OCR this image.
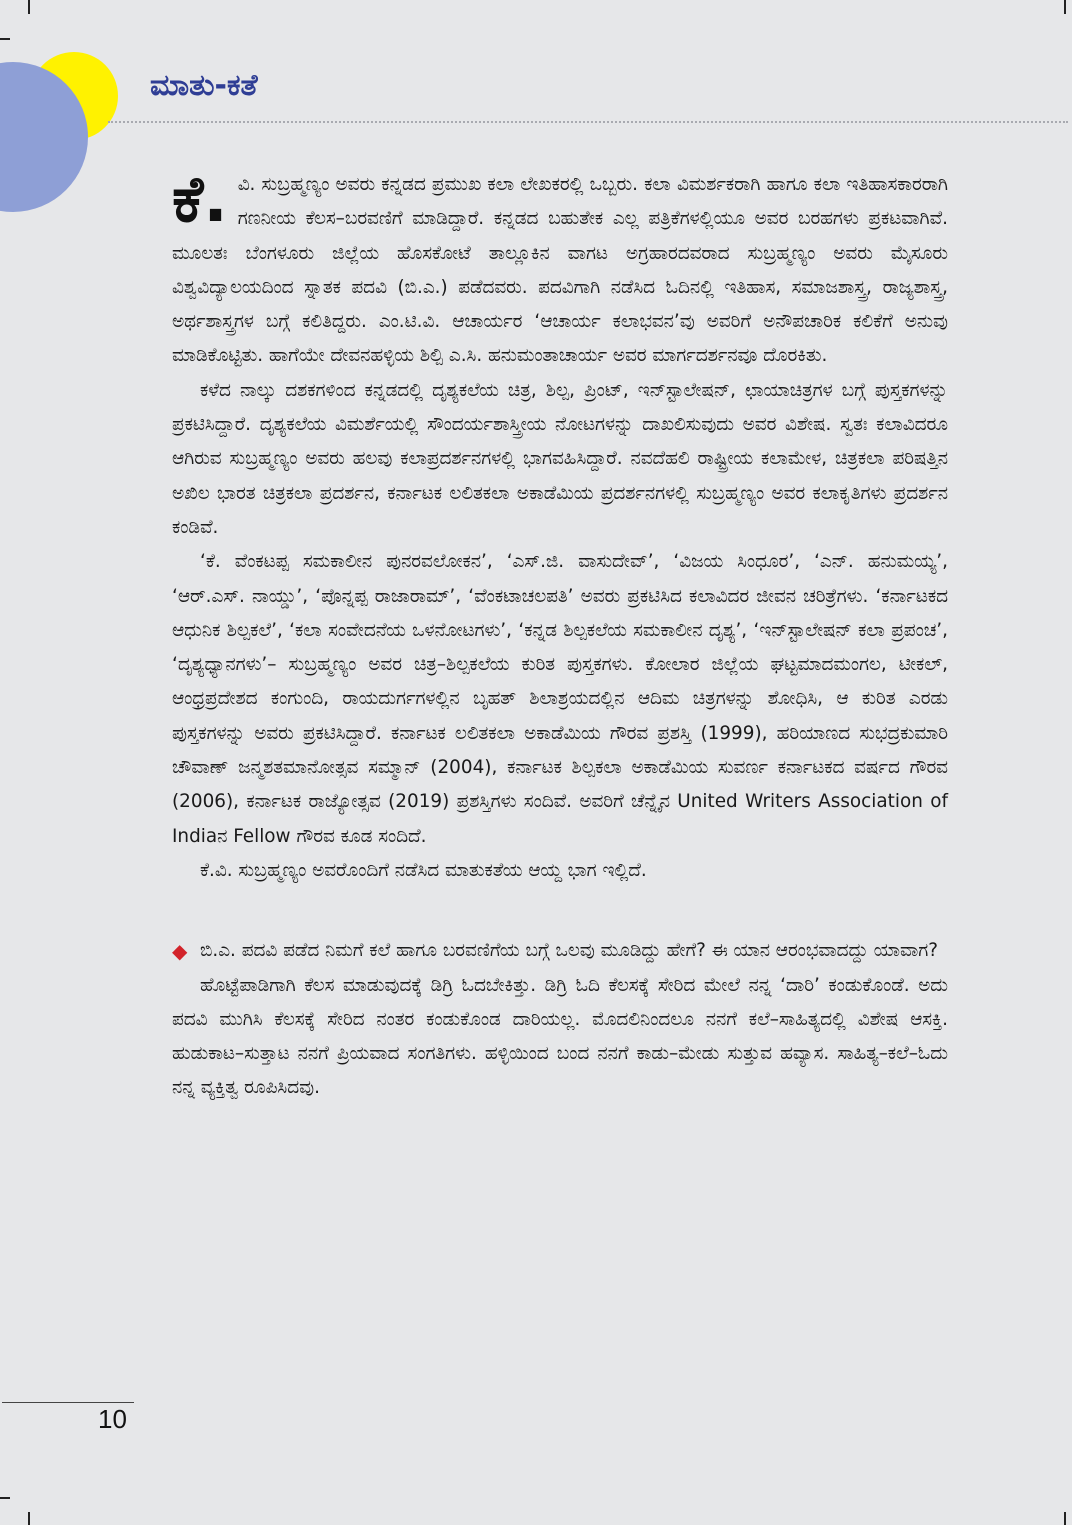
ಮಾತು-ಕತೆ

ಕೆ. ವಿ. ಸುಬ್ರಹ್ಮಣ್ಯಂ ಅವರು ಕನ್ನಡದ ಪ್ರಮುಖ ಕಲಾ ಲೇಖಕರಲ್ಲಿ ಒಬ್ಬರು. ಕಲಾ ವಿಮರ್ಶಕರಾಗಿ ಹಾಗೂ ಕಲಾ ಇತಿಹಾಸಕಾರರಾಗಿ ಗಣನೀಯ ಕೆಲಸ–ಬರವಣಿಗೆ ಮಾಡಿದ್ದಾರೆ. ಕನ್ನಡದ ಬಹುತೇಕ ಎಲ್ಲ ಪತ್ರಿಕೆಗಳಲ್ಲಿಯೂ ಅವರ ಬರಹಗಳು ಪ್ರಕಟವಾಗಿವೆ. ಮೂಲತಃ ಬೆಂಗಳೂರು ಜಿಲ್ಲೆಯ ಹೊಸಕೋಟೆ ತಾಲ್ಲೂಕಿನ ವಾಗಟ ಅಗ್ರಹಾರದವರಾದ ಸುಬ್ರಹ್ಮಣ್ಯಂ ಅವರು ಮೈಸೂರು ವಿಶ್ವವಿದ್ಯಾಲಯದಿಂದ ಸ್ನಾತಕ ಪದವಿ (ಬಿ.ಎ.) ಪಡೆದವರು. ಪದವಿಗಾಗಿ ನಡೆಸಿದ ಓದಿನಲ್ಲಿ ಇತಿಹಾಸ, ಸಮಾಜಶಾಸ್ತ್ರ, ರಾಜ್ಯಶಾಸ್ತ್ರ, ಅರ್ಥಶಾಸ್ತ್ರಗಳ ಬಗ್ಗೆ ಕಲಿತಿದ್ದರು. ಎಂ.ಟಿ.ವಿ. ಆಚಾರ್ಯರ ‘ಆಚಾರ್ಯ ಕಲಾಭವನ’ವು ಅವರಿಗೆ ಅನೌಪಚಾರಿಕ ಕಲಿಕೆಗೆ ಅನುವು ಮಾಡಿಕೊಟ್ಟಿತು. ಹಾಗೆಯೇ ದೇವನಹಳ್ಳಿಯ ಶಿಲ್ಪಿ ಎ.ಸಿ. ಹನುಮಂತಾಚಾರ್ಯ ಅವರ ಮಾರ್ಗದರ್ಶನವೂ ದೊರಕಿತು.

ಕಳೆದ ನಾಲ್ಕು ದಶಕಗಳಿಂದ ಕನ್ನಡದಲ್ಲಿ ದೃಶ್ಯಕಲೆಯ ಚಿತ್ರ, ಶಿಲ್ಪ, ಪ್ರಿಂಟ್, ಇನ್‌ಸ್ಟಾಲೇಷನ್, ಛಾಯಾಚಿತ್ರಗಳ ಬಗ್ಗೆ ಪುಸ್ತಕಗಳನ್ನು ಪ್ರಕಟಿಸಿದ್ದಾರೆ. ದೃಶ್ಯಕಲೆಯ ವಿಮರ್ಶೆಯಲ್ಲಿ ಸೌಂದರ್ಯಶಾಸ್ತ್ರೀಯ ನೋಟಗಳನ್ನು ದಾಖಲಿಸುವುದು ಅವರ ವಿಶೇಷ. ಸ್ವತಃ ಕಲಾವಿದರೂ ಆಗಿರುವ ಸುಬ್ರಹ್ಮಣ್ಯಂ ಅವರು ಹಲವು ಕಲಾಪ್ರದರ್ಶನಗಳಲ್ಲಿ ಭಾಗವಹಿಸಿದ್ದಾರೆ. ನವದೆಹಲಿ ರಾಷ್ಟ್ರೀಯ ಕಲಾಮೇಳ, ಚಿತ್ರಕಲಾ ಪರಿಷತ್ತಿನ ಅಖಿಲ ಭಾರತ ಚಿತ್ರಕಲಾ ಪ್ರದರ್ಶನ, ಕರ್ನಾಟಕ ಲಲಿತಕಲಾ ಅಕಾಡೆಮಿಯ ಪ್ರದರ್ಶನಗಳಲ್ಲಿ ಸುಬ್ರಹ್ಮಣ್ಯಂ ಅವರ ಕಲಾಕೃತಿಗಳು ಪ್ರದರ್ಶನ ಕಂಡಿವೆ.

‘ಕೆ. ವೆಂಕಟಪ್ಪ ಸಮಕಾಲೀನ ಪುನರವಲೋಕನ’, ‘ಎಸ್.ಜಿ. ವಾಸುದೇವ್’, ‘ವಿಜಯ ಸಿಂಧೂರ’, ‘ಎನ್. ಹನುಮಯ್ಯ’, ‘ಆರ್.ಎಸ್. ನಾಯ್ಡು’, ‘ಪೊನ್ನಪ್ಪ ರಾಜಾರಾಮ್’, ‘ವೆಂಕಟಾಚಲಪತಿ’ ಅವರು ಪ್ರಕಟಿಸಿದ ಕಲಾವಿದರ ಜೀವನ ಚರಿತ್ರೆಗಳು. ‘ಕರ್ನಾಟಕದ ಆಧುನಿಕ ಶಿಲ್ಪಕಲೆ’, ‘ಕಲಾ ಸಂವೇದನೆಯ ಒಳನೋಟಗಳು’, ‘ಕನ್ನಡ ಶಿಲ್ಪಕಲೆಯ ಸಮಕಾಲೀನ ದೃಶ್ಯ’, ‘ಇನ್‌ಸ್ಟಾಲೇಷನ್ ಕಲಾ ಪ್ರಪಂಚ’, ‘ದೃಶ್ಯಧ್ಯಾನಗಳು’– ಸುಬ್ರಹ್ಮಣ್ಯಂ ಅವರ ಚಿತ್ರ–ಶಿಲ್ಪಕಲೆಯ ಕುರಿತ ಪುಸ್ತಕಗಳು. ಕೋಲಾರ ಜಿಲ್ಲೆಯ ಘಟ್ಟಮಾದಮಂಗಲ, ಟೀಕಲ್, ಆಂಧ್ರಪ್ರದೇಶದ ಕಂಗುಂದಿ, ರಾಯದುರ್ಗಗಳಲ್ಲಿನ ಬೃಹತ್ ಶಿಲಾಶ್ರಯದಲ್ಲಿನ ಆದಿಮ ಚಿತ್ರಗಳನ್ನು ಶೋಧಿಸಿ, ಆ ಕುರಿತ ಎರಡು ಪುಸ್ತಕಗಳನ್ನು ಅವರು ಪ್ರಕಟಿಸಿದ್ದಾರೆ. ಕರ್ನಾಟಕ ಲಲಿತಕಲಾ ಅಕಾಡೆಮಿಯ ಗೌರವ ಪ್ರಶಸ್ತಿ (1999), ಹರಿಯಾಣದ ಸುಭದ್ರಕುಮಾರಿ ಚೌವಾಣ್ ಜನ್ಮಶತಮಾನೋತ್ಸವ ಸಮ್ಮಾನ್ (2004), ಕರ್ನಾಟಕ ಶಿಲ್ಪಕಲಾ ಅಕಾಡೆಮಿಯ ಸುವರ್ಣ ಕರ್ನಾಟಕದ ವರ್ಷದ ಗೌರವ (2006), ಕರ್ನಾಟಕ ರಾಜ್ಯೋತ್ಸವ (2019) ಪ್ರಶಸ್ತಿಗಳು ಸಂದಿವೆ. ಅವರಿಗೆ ಚೆನ್ನೈನ United Writers Association of Indiaನ Fellow ಗೌರವ ಕೂಡ ಸಂದಿದೆ.

ಕೆ.ವಿ. ಸುಬ್ರಹ್ಮಣ್ಯಂ ಅವರೊಂದಿಗೆ ನಡೆಸಿದ ಮಾತುಕತೆಯ ಆಯ್ದ ಭಾಗ ಇಲ್ಲಿದೆ.

◆ ಬಿ.ಎ. ಪದವಿ ಪಡೆದ ನಿಮಗೆ ಕಲೆ ಹಾಗೂ ಬರವಣಿಗೆಯ ಬಗ್ಗೆ ಒಲವು ಮೂಡಿದ್ದು ಹೇಗೆ? ಈ ಯಾನ ಆರಂಭವಾದದ್ದು ಯಾವಾಗ?

ಹೊಟ್ಟೆಪಾಡಿಗಾಗಿ ಕೆಲಸ ಮಾಡುವುದಕ್ಕೆ ಡಿಗ್ರಿ ಓದಬೇಕಿತ್ತು. ಡಿಗ್ರಿ ಓದಿ ಕೆಲಸಕ್ಕೆ ಸೇರಿದ ಮೇಲೆ ನನ್ನ ‘ದಾರಿ’ ಕಂಡುಕೊಂಡೆ. ಅದು ಪದವಿ ಮುಗಿಸಿ ಕೆಲಸಕ್ಕೆ ಸೇರಿದ ನಂತರ ಕಂಡುಕೊಂಡ ದಾರಿಯಲ್ಲ. ಮೊದಲಿನಿಂದಲೂ ನನಗೆ ಕಲೆ–ಸಾಹಿತ್ಯದಲ್ಲಿ ವಿಶೇಷ ಆಸಕ್ತಿ. ಹುಡುಕಾಟ–ಸುತ್ತಾಟ ನನಗೆ ಪ್ರಿಯವಾದ ಸಂಗತಿಗಳು. ಹಳ್ಳಿಯಿಂದ ಬಂದ ನನಗೆ ಕಾಡು–ಮೇಡು ಸುತ್ತುವ ಹವ್ಯಾಸ. ಸಾಹಿತ್ಯ–ಕಲೆ–ಓದು ನನ್ನ ವ್ಯಕ್ತಿತ್ವ ರೂಪಿಸಿದವು.

10
